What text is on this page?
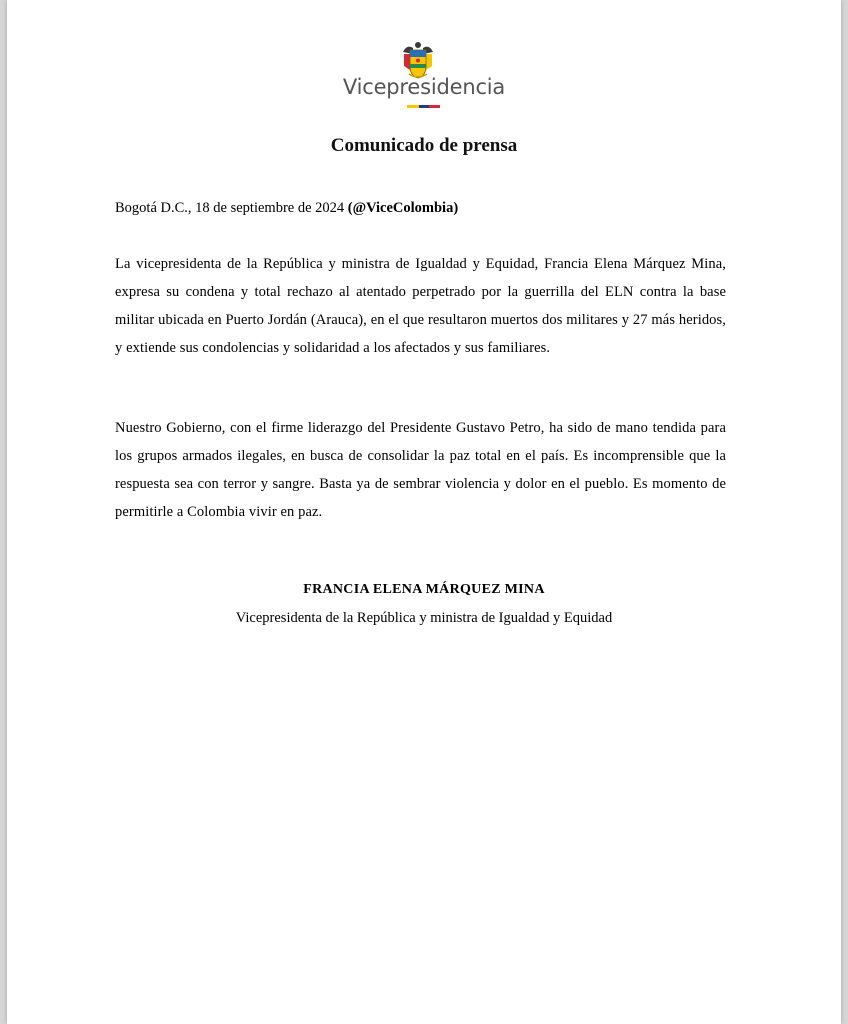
Vicepresidencia
Comunicado de prensa
Bogotá D.C., 18 de septiembre de 2024 (@ViceColombia)
La vicepresidenta de la República y ministra de Igualdad y Equidad, Francia Elena Márquez Mina, expresa su condena y total rechazo al atentado perpetrado por la guerrilla del ELN contra la base militar ubicada en Puerto Jordán (Arauca), en el que resultaron muertos dos militares y 27 más heridos, y extiende sus condolencias y solidaridad a los afectados y sus familiares.
Nuestro Gobierno, con el firme liderazgo del Presidente Gustavo Petro, ha sido de mano tendida para los grupos armados ilegales, en busca de consolidar la paz total en el país. Es incomprensible que la respuesta sea con terror y sangre. Basta ya de sembrar violencia y dolor en el pueblo. Es momento de permitirle a Colombia vivir en paz.
FRANCIA ELENA MÁRQUEZ MINA
Vicepresidenta de la República y ministra de Igualdad y Equidad
